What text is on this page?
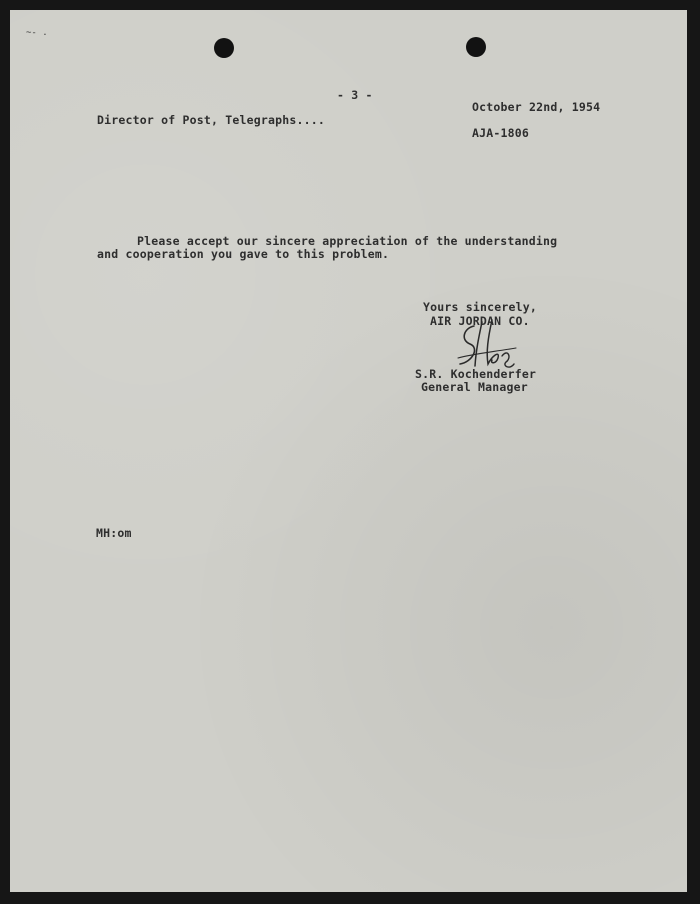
~- .
- 3 -
October 22nd, 1954
Director of Post, Telegraphs....
AJA-1806
Please accept our sincere appreciation of the understanding
and cooperation you gave to this problem.
Yours sincerely,
AIR JORDAN CO.
S.R. Kochenderfer
General Manager
MH:om
